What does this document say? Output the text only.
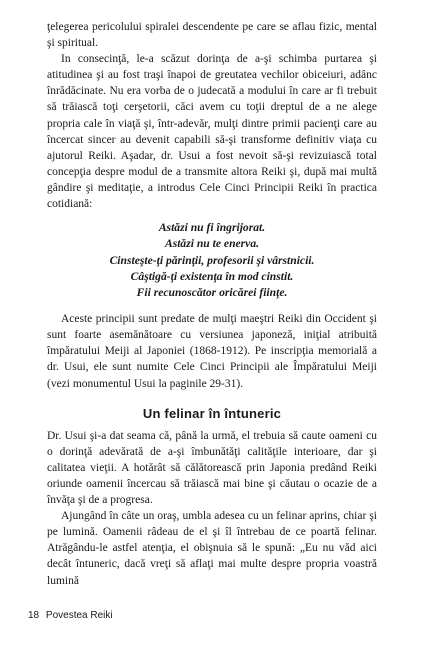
ţelegerea pericolului spiralei descendente pe care se aflau fizic, mental şi spiritual.

In consecinţă, le-a scăzut dorinţa de a-şi schimba purtarea şi atitudinea şi au fost traşi înapoi de greutatea vechilor obiceiuri, adânc înrădăcinate. Nu era vorba de o judecată a modului în care ar fi trebuit să trăiască toţi cerşetorii, căci avem cu toţii dreptul de a ne alege propria cale în viaţă şi, într-adevăr, mulţi dintre primii pacienţi care au încercat sincer au devenit capabili să-şi transforme definitiv viaţa cu ajutorul Reiki. Aşadar, dr. Usui a fost nevoit să-şi revizuiască total concepţia despre modul de a transmite altora Reiki şi, după mai multă gândire şi meditaţie, a introdus Cele Cinci Principii Reiki în practica cotidiană:

Astăzi nu fi îngrijorat.
Astăzi nu te enerva.
Cinsteşte-ţi părinţii, profesorii şi vârstnicii.
Câştigă-ţi existenţa în mod cinstit.
Fii recunoscător oricărei fiinţe.

Aceste principii sunt predate de mulţi maeştri Reiki din Occident şi sunt foarte asemănătoare cu versiunea japoneză, iniţial atribuită împăratului Meiji al Japoniei (1868-1912). Pe inscripţia memorială a dr. Usui, ele sunt numite Cele Cinci Principii ale Împăratului Meiji (vezi monumentul Usui la paginile 29-31).

Un felinar în întuneric

Dr. Usui şi-a dat seama că, până la urmă, el trebuia să caute oameni cu o dorinţă adevărată de a-şi îmbunătăţi calităţile interioare, dar şi calitatea vieţii. A hotărât să călătorească prin Japonia predând Reiki oriunde oamenii încercau să trăiască mai bine şi căutau o ocazie de a învăţa şi de a progresa.

Ajungând în câte un oraş, umbla adesea cu un felinar aprins, chiar şi pe lumină. Oamenii râdeau de el şi îl întrebau de ce poartă felinar. Atrăgându-le astfel atenţia, el obişnuia să le spună: „Eu nu văd aici decât întuneric, dacă vreţi să aflaţi mai multe despre propria voastră lumină

18 Povestea Reiki
